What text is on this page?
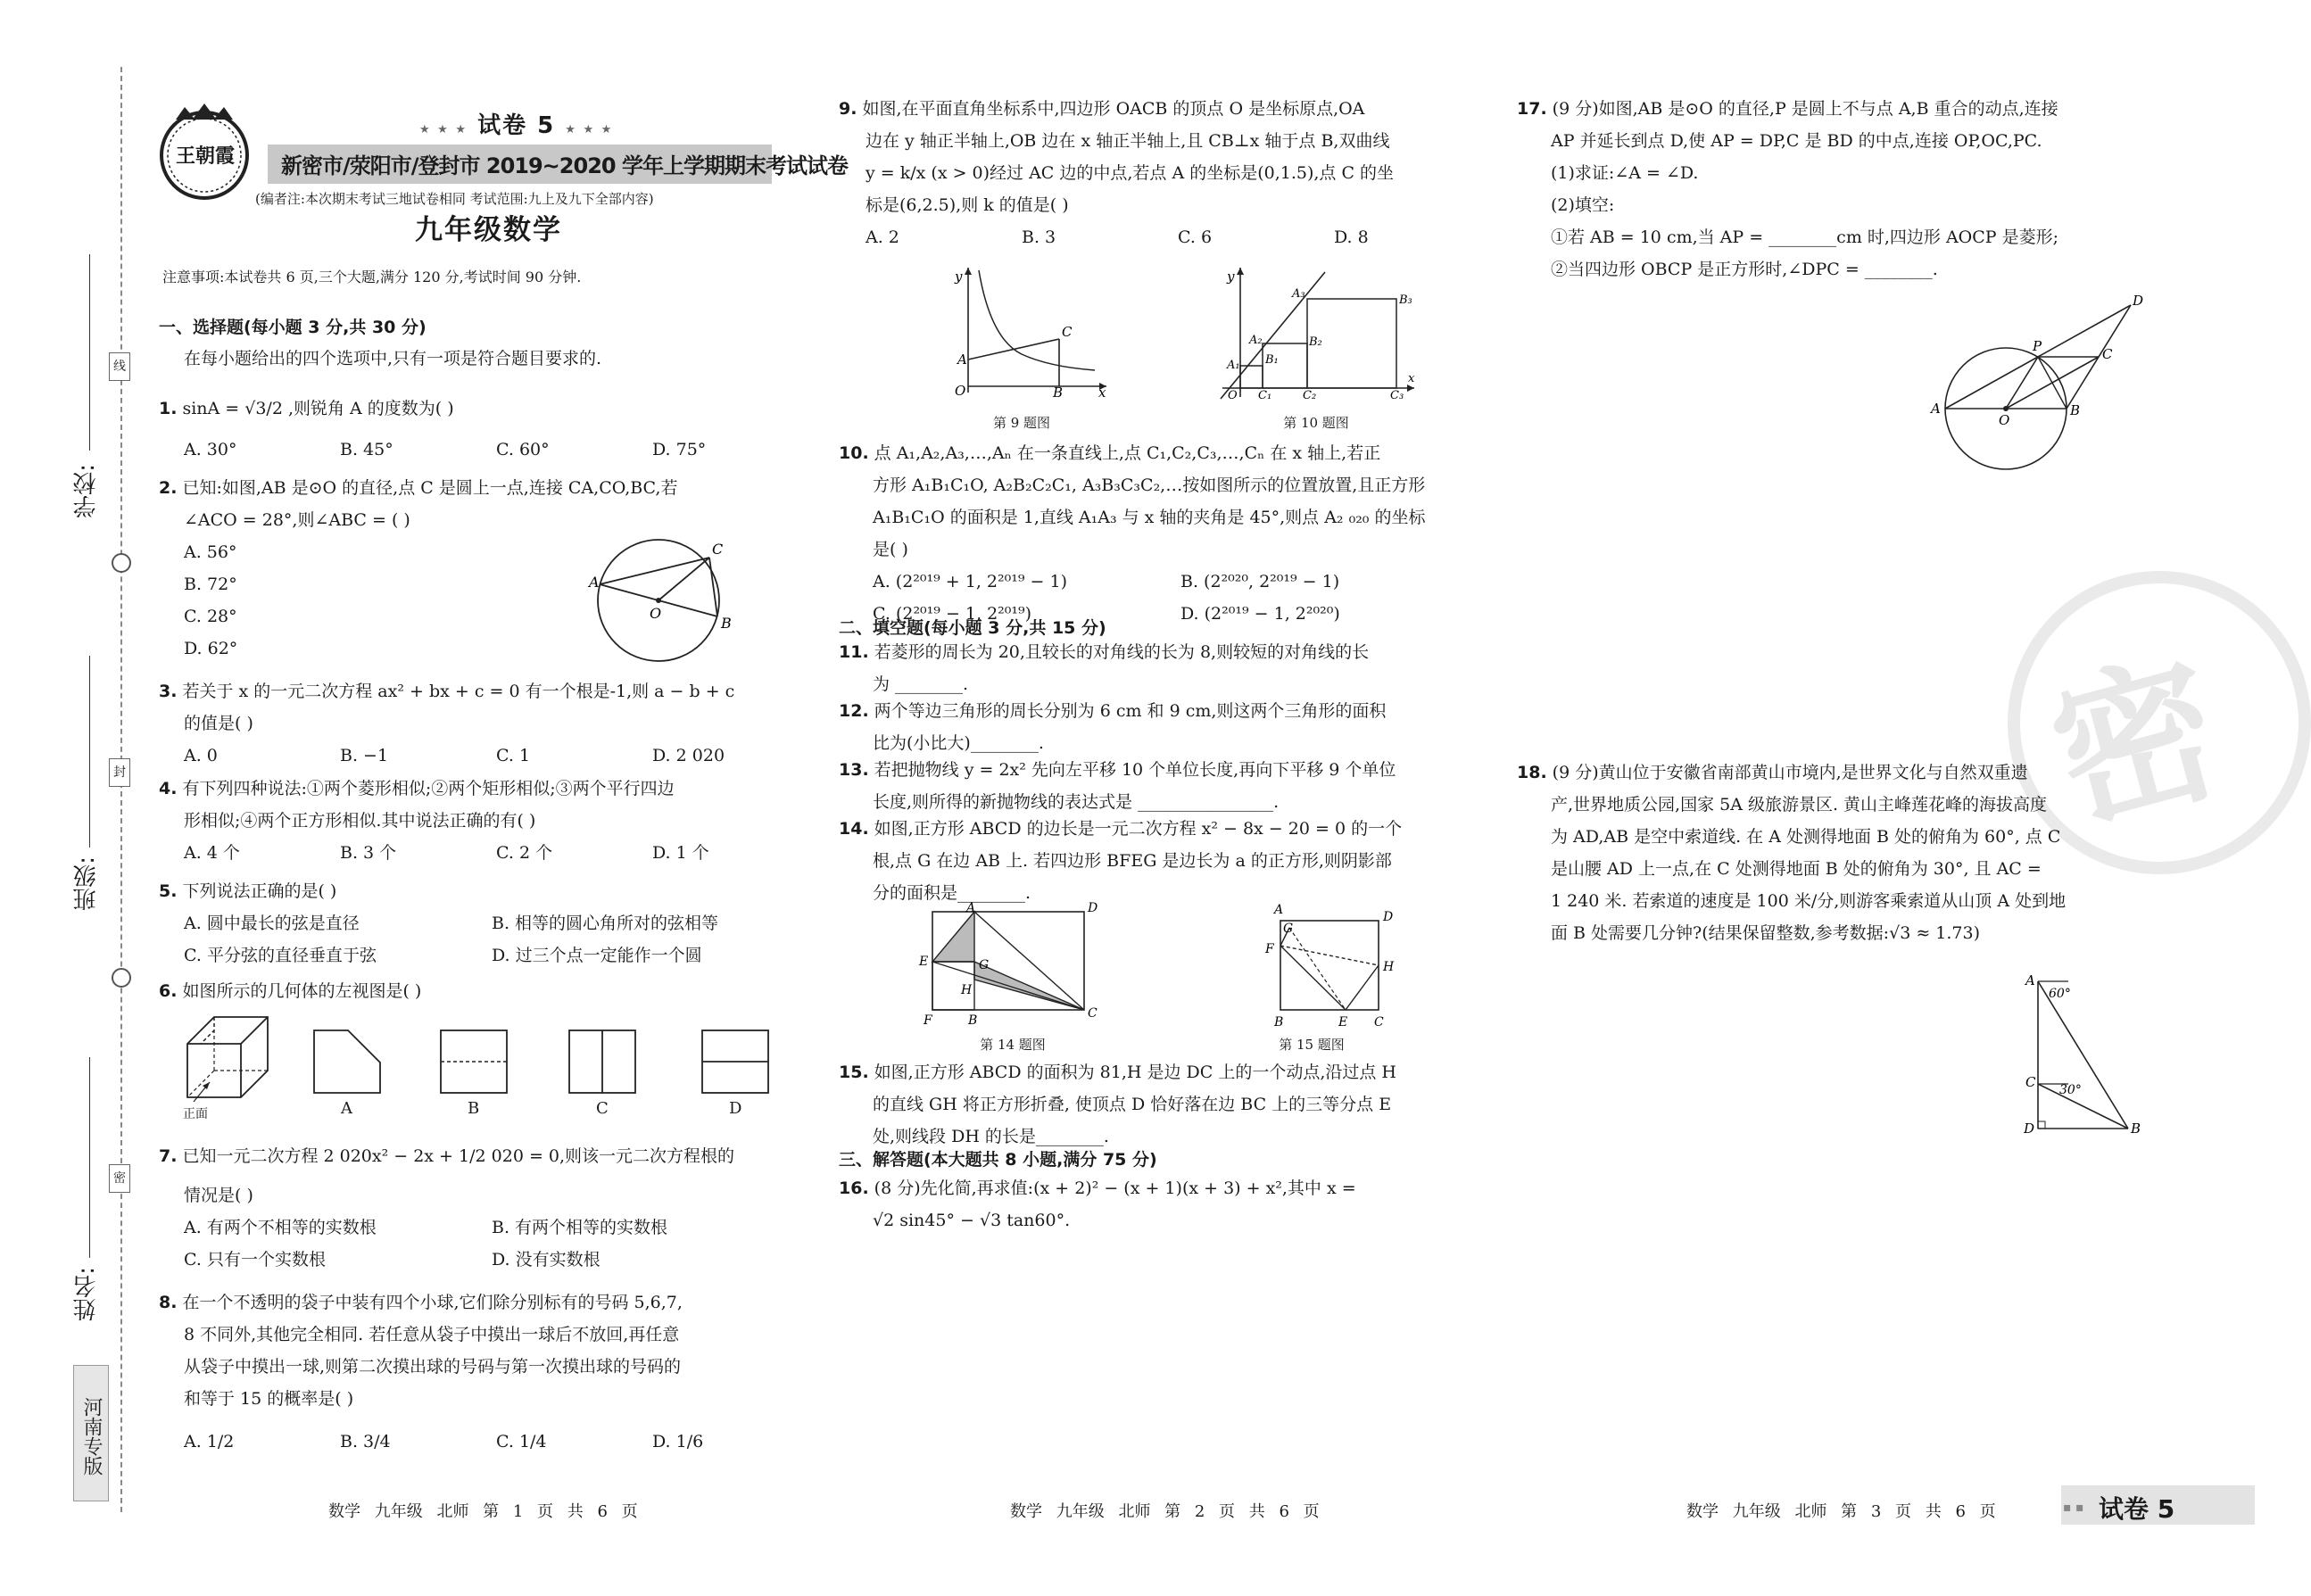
线
封
密
学校:
班级:
姓名:
河南专版
王朝霞
★ ★ ★ 试卷 5 ★ ★ ★
新密市/荥阳市/登封市 2019~2020 学年上学期期末考试试卷
(编者注:本次期末考试三地试卷相同 考试范围:九上及九下全部内容)
九年级数学
注意事项:本试卷共 6 页,三个大题,满分 120 分,考试时间 90 分钟.
一、选择题(每小题 3 分,共 30 分)
在每小题给出的四个选项中,只有一项是符合题目要求的.
1. sinA = √3/2 ,则锐角 A 的度数为( )
A. 30°	B. 45°	C. 60°	D. 75°
2. 已知:如图,AB 是⊙O 的直径,点 C 是圆上一点,连接 CA,CO,BC,若
∠ACO = 28°,则∠ABC = ( )
A. 56°
B. 72°
C. 28°
D. 62°
A
C
O
B
3. 若关于 x 的一元二次方程 ax² + bx + c = 0 有一个根是-1,则 a − b + c
的值是( )
A. 0	B. −1	C. 1	D. 2 020
4. 有下列四种说法:①两个菱形相似;②两个矩形相似;③两个平行四边
形相似;④两个正方形相似.其中说法正确的有( )
A. 4 个	B. 3 个	C. 2 个	D. 1 个
5. 下列说法正确的是( )
A. 圆中最长的弦是直径	B. 相等的圆心角所对的弦相等
C. 平分弦的直径垂直于弦	D. 过三个点一定能作一个圆
6. 如图所示的几何体的左视图是( )
正面	A	B	C	D
7. 已知一元二次方程 2 020x² − 2x + 1/2 020 = 0,则该一元二次方程根的
情况是( )
A. 有两个不相等的实数根	B. 有两个相等的实数根
C. 只有一个实数根	D. 没有实数根
8. 在一个不透明的袋子中装有四个小球,它们除分别标有的号码 5,6,7,
8 不同外,其他完全相同. 若任意从袋子中摸出一球后不放回,再任意
从袋子中摸出一球,则第二次摸出球的号码与第一次摸出球的号码的
和等于 15 的概率是( )
A. 1/2	B. 3/4	C. 1/4	D. 1/6
数学 九年级 北师 第 1 页 共 6 页
9. 如图,在平面直角坐标系中,四边形 OACB 的顶点 O 是坐标原点,OA
边在 y 轴正半轴上,OB 边在 x 轴正半轴上,且 CB⊥x 轴于点 B,双曲线
y = k/x (x > 0)经过 AC 边的中点,若点 A 的坐标是(0,1.5),点 C 的坐
标是(6,2.5),则 k 的值是( )
A. 2	B. 3	C. 6	D. 8
y
A
C
O	B	x
第 9 题图
y
A₁
A₂
A₃
B₁
B₂
B₃
O C₁	C₂	C₃
x
第 10 题图
10. 点 A₁,A₂,A₃,…,Aₙ 在一条直线上,点 C₁,C₂,C₃,…,Cₙ 在 x 轴上,若正
方形 A₁B₁C₁O, A₂B₂C₂C₁, A₃B₃C₃C₂,…按如图所示的位置放置,且正方形
A₁B₁C₁O 的面积是 1,直线 A₁A₃ 与 x 轴的夹角是 45°,则点 A₂ ₀₂₀ 的坐标
是( )
A. (2²⁰¹⁹ + 1, 2²⁰¹⁹ − 1)	B. (2²⁰²⁰, 2²⁰¹⁹ − 1)
C. (2²⁰¹⁹ − 1, 2²⁰¹⁹)	D. (2²⁰¹⁹ − 1, 2²⁰²⁰)
二、填空题(每小题 3 分,共 15 分)
11. 若菱形的周长为 20,且较长的对角线的长为 8,则较短的对角线的长
为 ________.
12. 两个等边三角形的周长分别为 6 cm 和 9 cm,则这两个三角形的面积
比为(小比大)________.
13. 若把抛物线 y = 2x² 先向左平移 10 个单位长度,再向下平移 9 个单位
长度,则所得的新抛物线的表达式是 ________________.
14. 如图,正方形 ABCD 的边长是一元二次方程 x² − 8x − 20 = 0 的一个
根,点 G 在边 AB 上. 若四边形 BFEG 是边长为 a 的正方形,则阴影部
分的面积是________.
A	D
E	G
H
F	B	C
第 14 题图
A	D
G
F
H
B	E C
第 15 题图
15. 如图,正方形 ABCD 的面积为 81,H 是边 DC 上的一个动点,沿过点 H
的直线 GH 将正方形折叠, 使顶点 D 恰好落在边 BC 上的三等分点 E
处,则线段 DH 的长是________.
三、解答题(本大题共 8 小题,满分 75 分)
16. (8 分)先化简,再求值:(x + 2)² − (x + 1)(x + 3) + x²,其中 x =
√2 sin45° − √3 tan60°.
数学 九年级 北师 第 2 页 共 6 页
17. (9 分)如图,AB 是⊙O 的直径,P 是圆上不与点 A,B 重合的动点,连接
AP 并延长到点 D,使 AP = DP,C 是 BD 的中点,连接 OP,OC,PC.
(1)求证:∠A = ∠D.
(2)填空:
①若 AB = 10 cm,当 AP = ________cm 时,四边形 AOCP 是菱形;
②当四边形 OBCP 是正方形时,∠DPC = ________.
A
O
B
P	C
D
密
18. (9 分)黄山位于安徽省南部黄山市境内,是世界文化与自然双重遗
产,世界地质公园,国家 5A 级旅游景区. 黄山主峰莲花峰的海拔高度
为 AD,AB 是空中索道线. 在 A 处测得地面 B 处的俯角为 60°, 点 C
是山腰 AD 上一点,在 C 处测得地面 B 处的俯角为 30°, 且 AC =
1 240 米. 若索道的速度是 100 米/分,则游客乘索道从山顶 A 处到地
面 B 处需要几分钟?(结果保留整数,参考数据:√3 ≈ 1.73)
A
C
D	B
60°
30°
数学 九年级 北师 第 3 页 共 6 页	▪ ▪ 试卷 5
